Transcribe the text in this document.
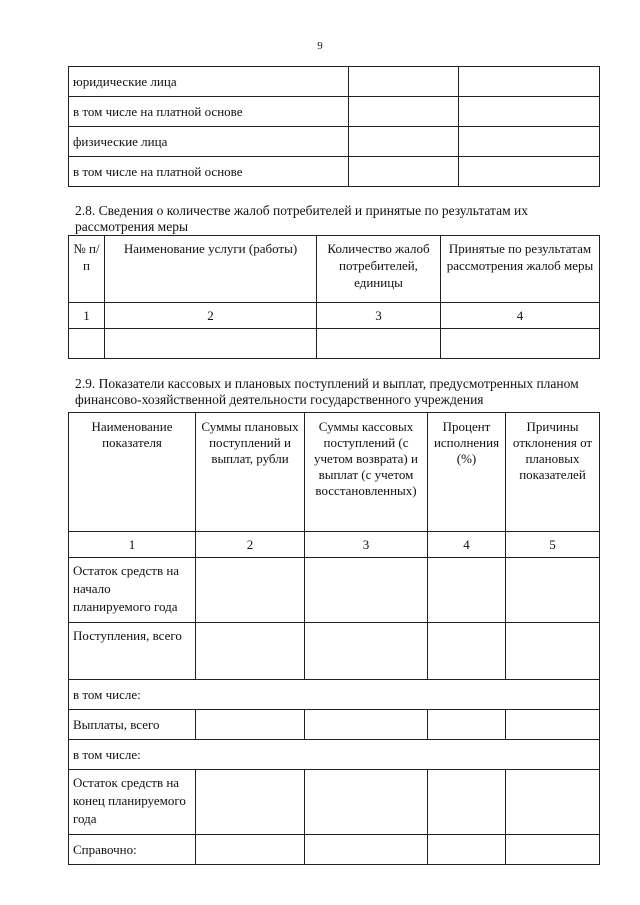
9
юридические лица		
в том числе на платной основе		
физические лица		
в том числе на платной основе		
2.8. Сведения о количестве жалоб потребителей и принятые по результатам их рассмотрения меры
№ п/п	Наименование услуги (работы)	Количество жалоб потребителей, единицы	Принятые по результатам рассмотрения жалоб меры
1	2	3	4

2.9. Показатели кассовых и плановых поступлений и выплат, предусмотренных планом финансово-хозяйственной деятельности государственного учреждения
Наименование показателя	Суммы плановых поступлений и выплат, рубли	Суммы кассовых поступлений (с учетом возврата) и выплат (с учетом восстановленных)	Процент исполнения (%)	Причины отклонения от плановых показателей
1	2	3	4	5
Остаток средств на начало планируемого года				
Поступления, всего				
в том числе:				
Выплаты, всего				
в том числе:				
Остаток средств на конец планируемого года				
Справочно:				
